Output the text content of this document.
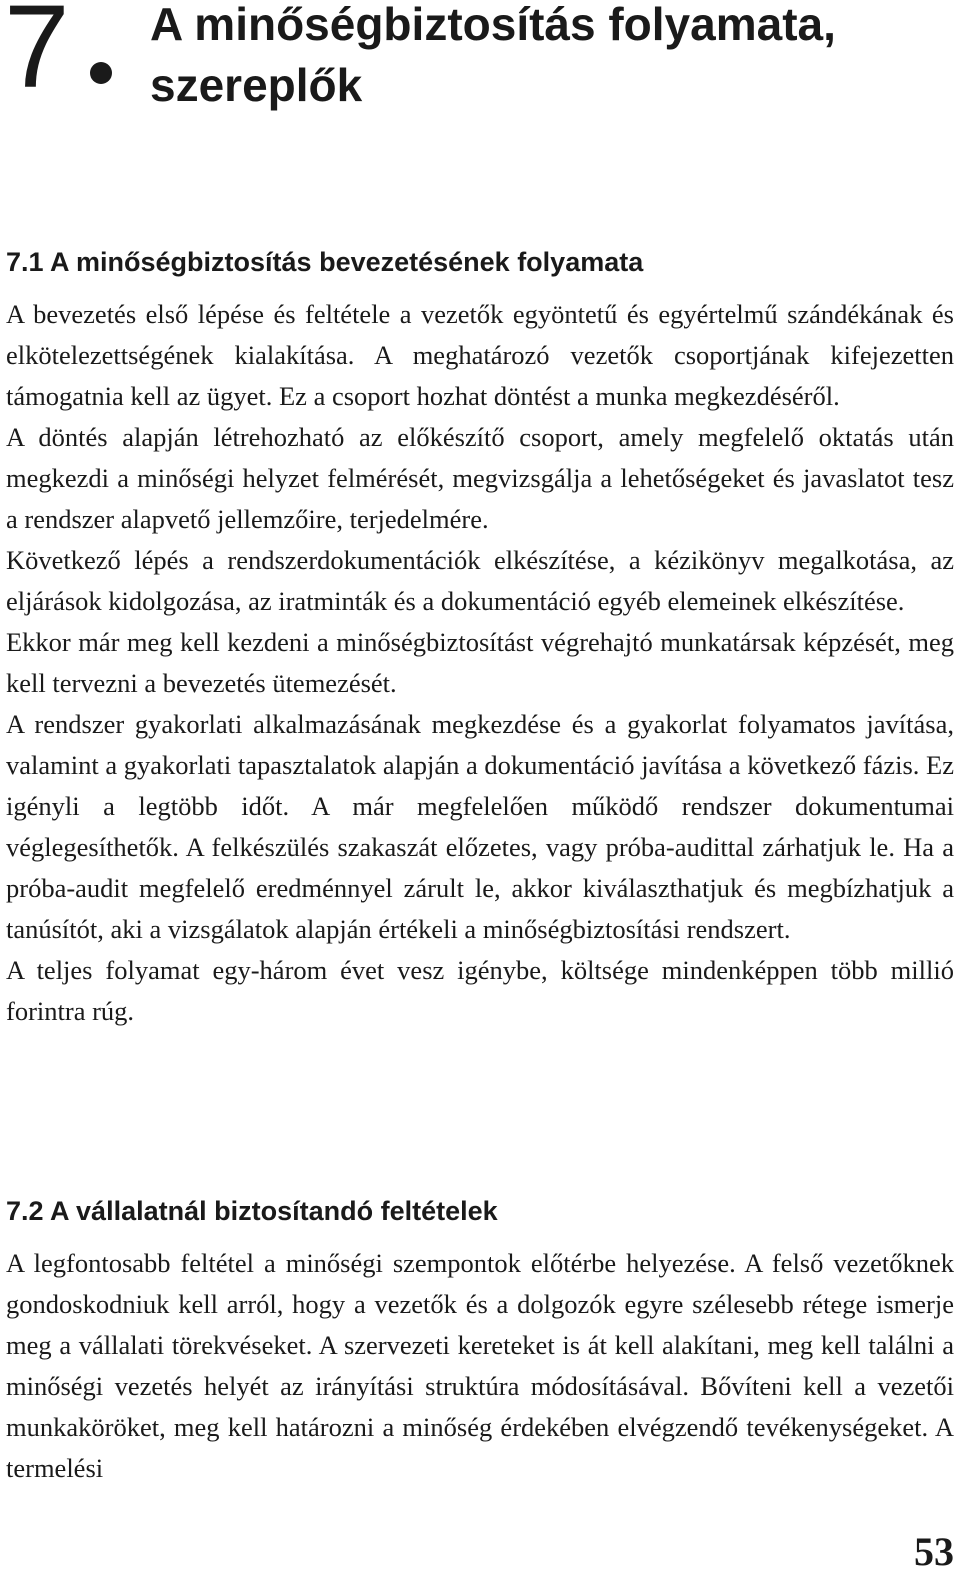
7 A minőségbiztosítás folyamata, szereplők
7.1 A minőségbiztosítás bevezetésének folyamata

A bevezetés első lépése és feltétele a vezetők egyöntetű és egyértelmű szándékának és elkötelezettségének kialakítása. A meghatározó vezetők csoportjának kifejezetten támogatnia kell az ügyet. Ez a csoport hozhat döntést a munka megkezdéséről.

A döntés alapján létrehozható az előkészítő csoport, amely megfelelő oktatás után megkezdi a minőségi helyzet felmérését, megvizsgálja a lehetőségeket és javaslatot tesz a rendszer alapvető jellemzőire, terjedelmére.

Következő lépés a rendszerdokumentációk elkészítése, a kézikönyv megalkotása, az eljárások kidolgozása, az iratminták és a dokumentáció egyéb elemeinek elkészítése.

Ekkor már meg kell kezdeni a minőségbiztosítást végrehajtó munkatársak képzését, meg kell tervezni a bevezetés ütemezését.

A rendszer gyakorlati alkalmazásának megkezdése és a gyakorlat folyamatos javítása, valamint a gyakorlati tapasztalatok alapján a dokumentáció javítása a következő fázis. Ez igényli a legtöbb időt. A már megfelelően működő rendszer dokumentumai véglegesíthetők. A felkészülés szakaszát előzetes, vagy próba-audittal zárhatjuk le. Ha a próba-audit megfelelő eredménnyel zárult le, akkor kiválaszthatjuk és megbízhatjuk a tanúsítót, aki a vizsgálatok alapján értékeli a minőségbiztosítási rendszert.

A teljes folyamat egy-három évet vesz igénybe, költsége mindenképpen több millió forintra rúg.

7.2 A vállalatnál biztosítandó feltételek

A legfontosabb feltétel a minőségi szempontok előtérbe helyezése. A felső vezetőknek gondoskodniuk kell arról, hogy a vezetők és a dolgozók egyre szélesebb rétege ismerje meg a vállalati törekvéseket. A szervezeti kereteket is át kell alakítani, meg kell találni a minőségi vezetés helyét az irányítási struktúra módosításával. Bővíteni kell a vezetői munkaköröket, meg kell határozni a minőség érdekében elvégzendő tevékenységeket. A termelési

53
